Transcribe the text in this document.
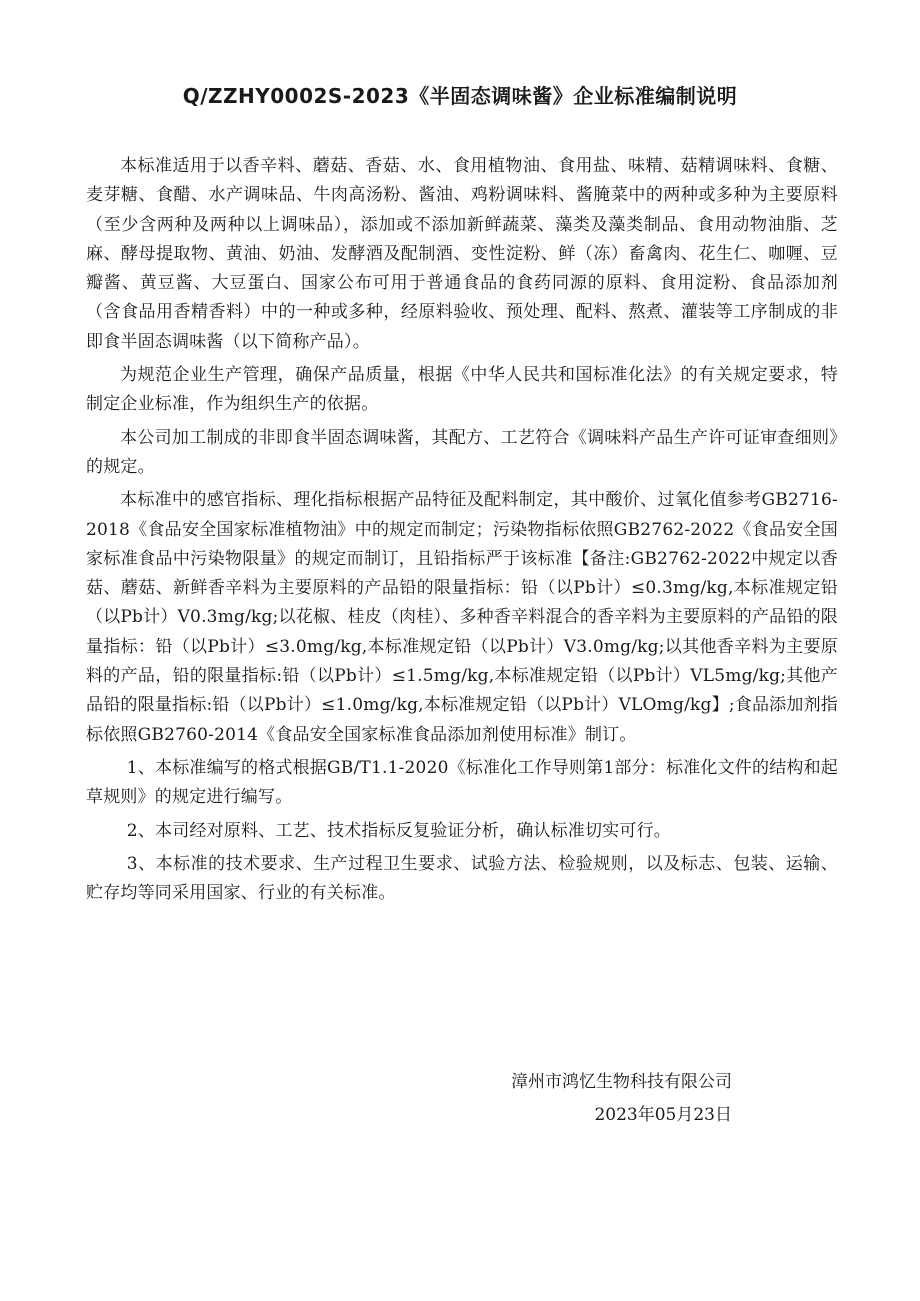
Q/ZZHY0002S-2023《半固态调味酱》企业标准编制说明

本标准适用于以香辛料、蘑菇、香菇、水、食用植物油、食用盐、味精、菇精调味料、食糖、麦芽糖、食醋、水产调味品、牛肉高汤粉、酱油、鸡粉调味料、酱腌菜中的两种或多种为主要原料（至少含两种及两种以上调味品），添加或不添加新鲜蔬菜、藻类及藻类制品、食用动物油脂、芝麻、酵母提取物、黄油、奶油、发酵酒及配制酒、变性淀粉、鲜（冻）畜禽肉、花生仁、咖喱、豆瓣酱、黄豆酱、大豆蛋白、国家公布可用于普通食品的食药同源的原料、食用淀粉、食品添加剂（含食品用香精香料）中的一种或多种，经原料验收、预处理、配料、熬煮、灌装等工序制成的非即食半固态调味酱（以下简称产品）。

为规范企业生产管理，确保产品质量，根据《中华人民共和国标准化法》的有关规定要求，特制定企业标准，作为组织生产的依据。

本公司加工制成的非即食半固态调味酱，其配方、工艺符合《调味料产品生产许可证审查细则》的规定。

本标准中的感官指标、理化指标根据产品特征及配料制定，其中酸价、过氧化值参考GB2716-2018《食品安全国家标准植物油》中的规定而制定；污染物指标依照GB2762-2022《食品安全国家标准食品中污染物限量》的规定而制订，且铅指标严于该标准【备注:GB2762-2022中规定以香菇、蘑菇、新鲜香辛料为主要原料的产品铅的限量指标：铅（以Pb计）≤0.3mg/kg,本标准规定铅（以Pb计）V0.3mg/kg;以花椒、桂皮（肉桂）、多种香辛料混合的香辛料为主要原料的产品铅的限量指标：铅（以Pb计）≤3.0mg/kg,本标准规定铅（以Pb计）V3.0mg/kg;以其他香辛料为主要原料的产品，铅的限量指标:铅（以Pb计）≤1.5mg/kg,本标准规定铅（以Pb计）VL5mg/kg;其他产品铅的限量指标:铅（以Pb计）≤1.0mg/kg,本标准规定铅（以Pb计）VLOmg/kg】;食品添加剂指标依照GB2760-2014《食品安全国家标准食品添加剂使用标准》制订。

1、本标准编写的格式根据GB/T1.1-2020《标准化工作导则第1部分：标准化文件的结构和起草规则》的规定进行编写。

2、本司经对原料、工艺、技术指标反复验证分析，确认标准切实可行。

3、本标准的技术要求、生产过程卫生要求、试验方法、检验规则，以及标志、包装、运输、贮存均等同采用国家、行业的有关标准。

漳州市鸿忆生物科技有限公司
2023年05月23日
